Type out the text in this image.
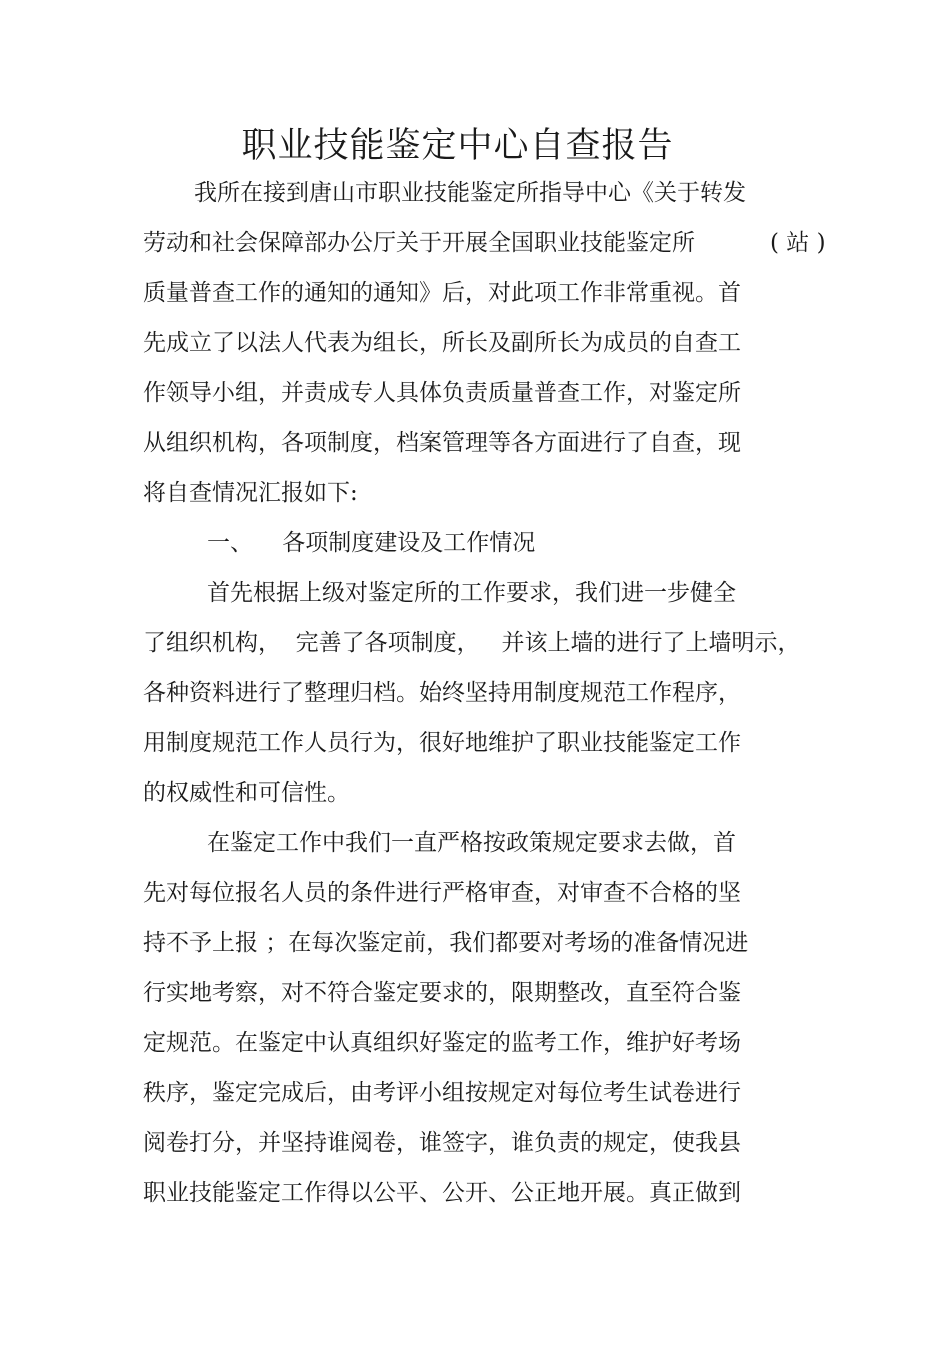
职业技能鉴定中心自查报告
我所在接到唐山市职业技能鉴定所指导中心《关于转发
劳动和社会保障部办公厅关于开展全国职业技能鉴定所	( 站 )
质量普查工作的通知的通知》后，对此项工作非常重视。首
先成立了以法人代表为组长，所长及副所长为成员的自查工
作领导小组，并责成专人具体负责质量普查工作，对鉴定所
从组织机构，各项制度，档案管理等各方面进行了自查，现
将自查情况汇报如下:
一、    各项制度建设及工作情况
首先根据上级对鉴定所的工作要求，我们进一步健全
了组织机构，  完善了各项制度，   并该上墙的进行了上墙明示，
各种资料进行了整理归档。始终坚持用制度规范工作程序，
用制度规范工作人员行为，很好地维护了职业技能鉴定工作
的权威性和可信性。
在鉴定工作中我们一直严格按政策规定要求去做，首
先对每位报名人员的条件进行严格审查，对审查不合格的坚
持不予上报 ；在每次鉴定前，我们都要对考场的准备情况进
行实地考察，对不符合鉴定要求的，限期整改，直至符合鉴
定规范。在鉴定中认真组织好鉴定的监考工作，维护好考场
秩序，鉴定完成后，由考评小组按规定对每位考生试卷进行
阅卷打分，并坚持谁阅卷，谁签字，谁负责的规定，使我县
职业技能鉴定工作得以公平、公开、公正地开展。真正做到
